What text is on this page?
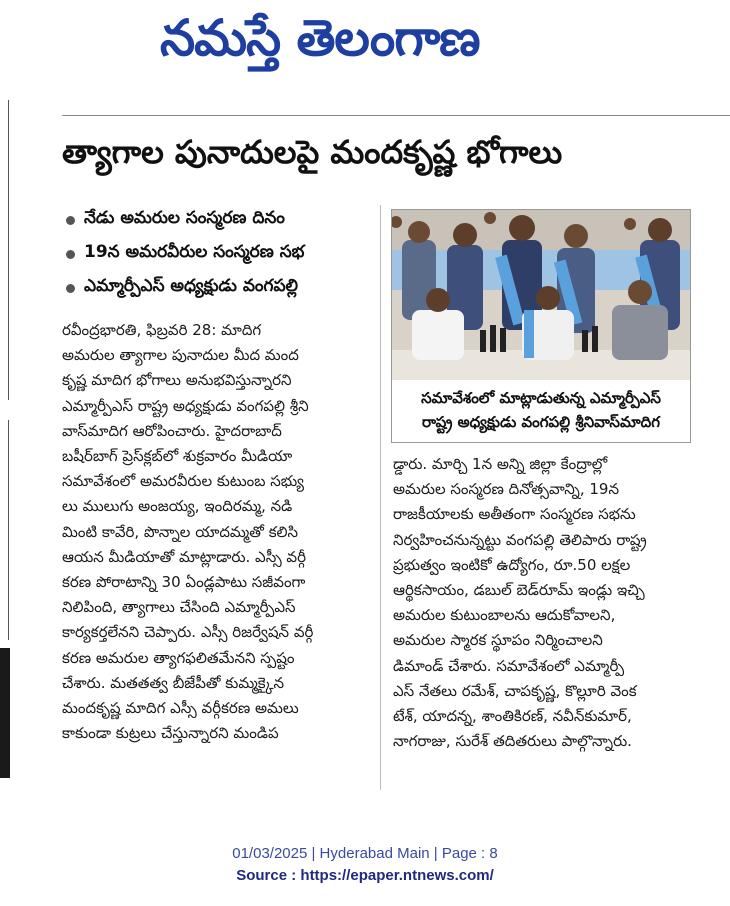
నమస్తే తెలంగాణ
త్యాగాల పునాదులపై మందకృష్ణ భోగాలు
నేడు అమరుల సంస్మరణ దినం
19న అమరవీరుల సంస్మరణ సభ
ఎమ్మార్పీఎస్ అధ్యక్షుడు వంగపల్లి
రవీంద్రభారతి, ఫిబ్రవరి 28: మాదిగ
అమరుల త్యాగాల పునాదుల మీద మంద
కృష్ణ మాదిగ భోగాలు అనుభవిస్తున్నారని
ఎమ్మార్పీఎస్ రాష్ట్ర అధ్యక్షుడు వంగపల్లి శ్రీని
వాస్‌మాదిగ ఆరోపించారు. హైదరాబాద్
బషీర్‌బాగ్ ప్రెస్‌క్లబ్‌లో శుక్రవారం మీడియా
సమావేశంలో అమరవీరుల కుటుంబ సభ్యు
లు ములుగు అంజయ్య, ఇందిరమ్మ, నడి
మింటి కావేరి, పొన్నాల యాదమ్మతో కలిసి
ఆయన మీడియాతో మాట్లాడారు. ఎస్సీ వర్గీ
కరణ పోరాటాన్ని 30 ఏండ్లపాటు సజీవంగా
నిలిపింది, త్యాగాలు చేసింది ఎమ్మార్పీఎస్
కార్యకర్తలేనని చెప్పారు. ఎస్సీ రిజర్వేషన్ వర్గీ
కరణ అమరుల త్యాగఫలితమేనని స్పష్టం
చేశారు. మతతత్వ బీజేపీతో కుమ్మక్కైన
మందకృష్ణ మాదిగ ఎస్సీ వర్గీకరణ అమలు
కాకుండా కుట్రలు చేస్తున్నారని మండిప
సమావేశంలో మాట్లాడుతున్న ఎమ్మార్పీఎస్
రాష్ట్ర అధ్యక్షుడు వంగపల్లి శ్రీనివాస్‌మాదిగ
డ్డారు. మార్చి 1న అన్ని జిల్లా కేంద్రాల్లో
అమరుల సంస్మరణ దినోత్సవాన్ని, 19న
రాజకీయాలకు అతీతంగా సంస్మరణ సభను
నిర్వహించనున్నట్టు వంగపల్లి తెలిపారు రాష్ట్ర
ప్రభుత్వం ఇంటికో ఉద్యోగం, రూ.50 లక్షల
ఆర్థికసాయం, డబుల్ బెడ్‌రూమ్ ఇండ్లు ఇచ్చి
అమరుల కుటుంబాలను ఆదుకోవాలని,
అమరుల స్మారక స్థూపం నిర్మించాలని
డిమాండ్ చేశారు. సమావేశంలో ఎమ్మార్పీ
ఎస్ నేతలు రమేశ్, చాపకృష్ణ, కొల్లూరి వెంక
టేశ్, యాదన్న, శాంతికిరణ్, నవీన్‌కుమార్,
నాగరాజు, సురేశ్ తదితరులు పాల్గొన్నారు.
01/03/2025 | Hyderabad Main | Page : 8
Source : https://epaper.ntnews.com/
